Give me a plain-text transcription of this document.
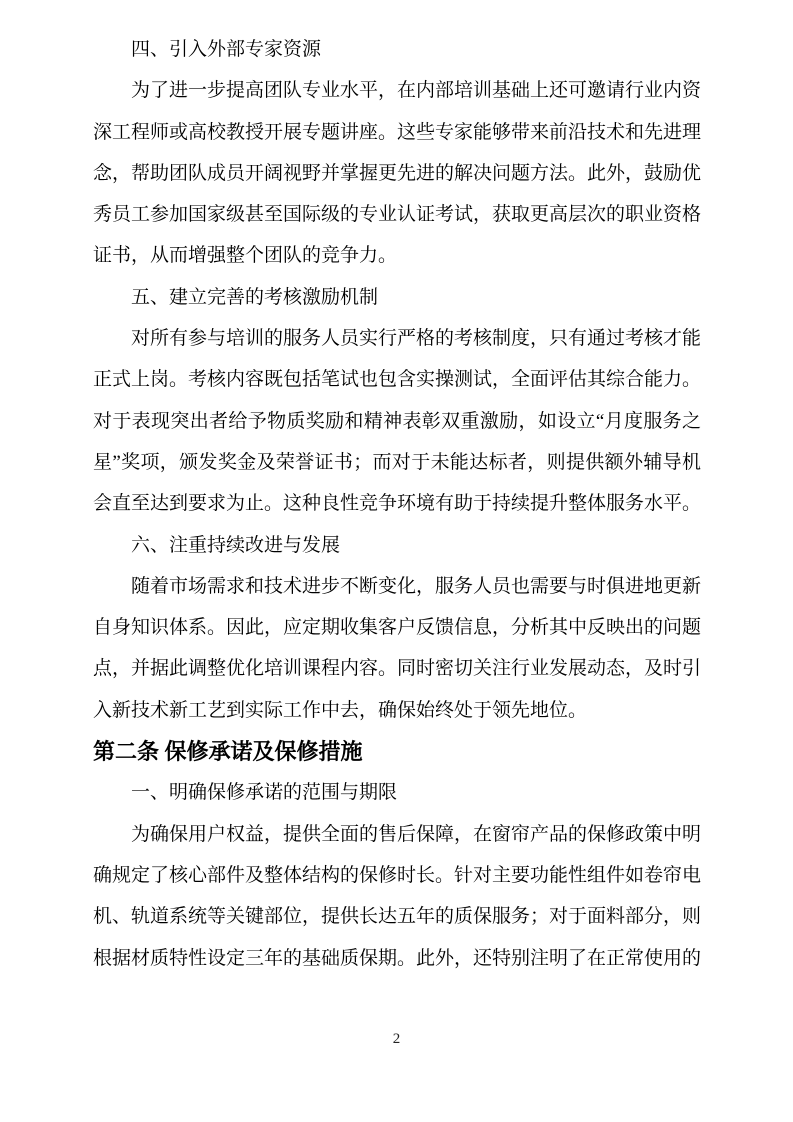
四、引入外部专家资源

为了进一步提高团队专业水平，在内部培训基础上还可邀请行业内资深工程师或高校教授开展专题讲座。这些专家能够带来前沿技术和先进理念，帮助团队成员开阔视野并掌握更先进的解决问题方法。此外，鼓励优秀员工参加国家级甚至国际级的专业认证考试，获取更高层次的职业资格证书，从而增强整个团队的竞争力。

五、建立完善的考核激励机制

对所有参与培训的服务人员实行严格的考核制度，只有通过考核才能正式上岗。考核内容既包括笔试也包含实操测试，全面评估其综合能力。对于表现突出者给予物质奖励和精神表彰双重激励，如设立“月度服务之星”奖项，颁发奖金及荣誉证书；而对于未能达标者，则提供额外辅导机会直至达到要求为止。这种良性竞争环境有助于持续提升整体服务水平。

六、注重持续改进与发展

随着市场需求和技术进步不断变化，服务人员也需要与时俱进地更新自身知识体系。因此，应定期收集客户反馈信息，分析其中反映出的问题点，并据此调整优化培训课程内容。同时密切关注行业发展动态，及时引入新技术新工艺到实际工作中去，确保始终处于领先地位。

第二条 保修承诺及保修措施

一、明确保修承诺的范围与期限

为确保用户权益，提供全面的售后保障，在窗帘产品的保修政策中明确规定了核心部件及整体结构的保修时长。针对主要功能性组件如卷帘电机、轨道系统等关键部位，提供长达五年的质保服务；对于面料部分，则根据材质特性设定三年的基础质保期。此外，还特别注明了在正常使用的

2
